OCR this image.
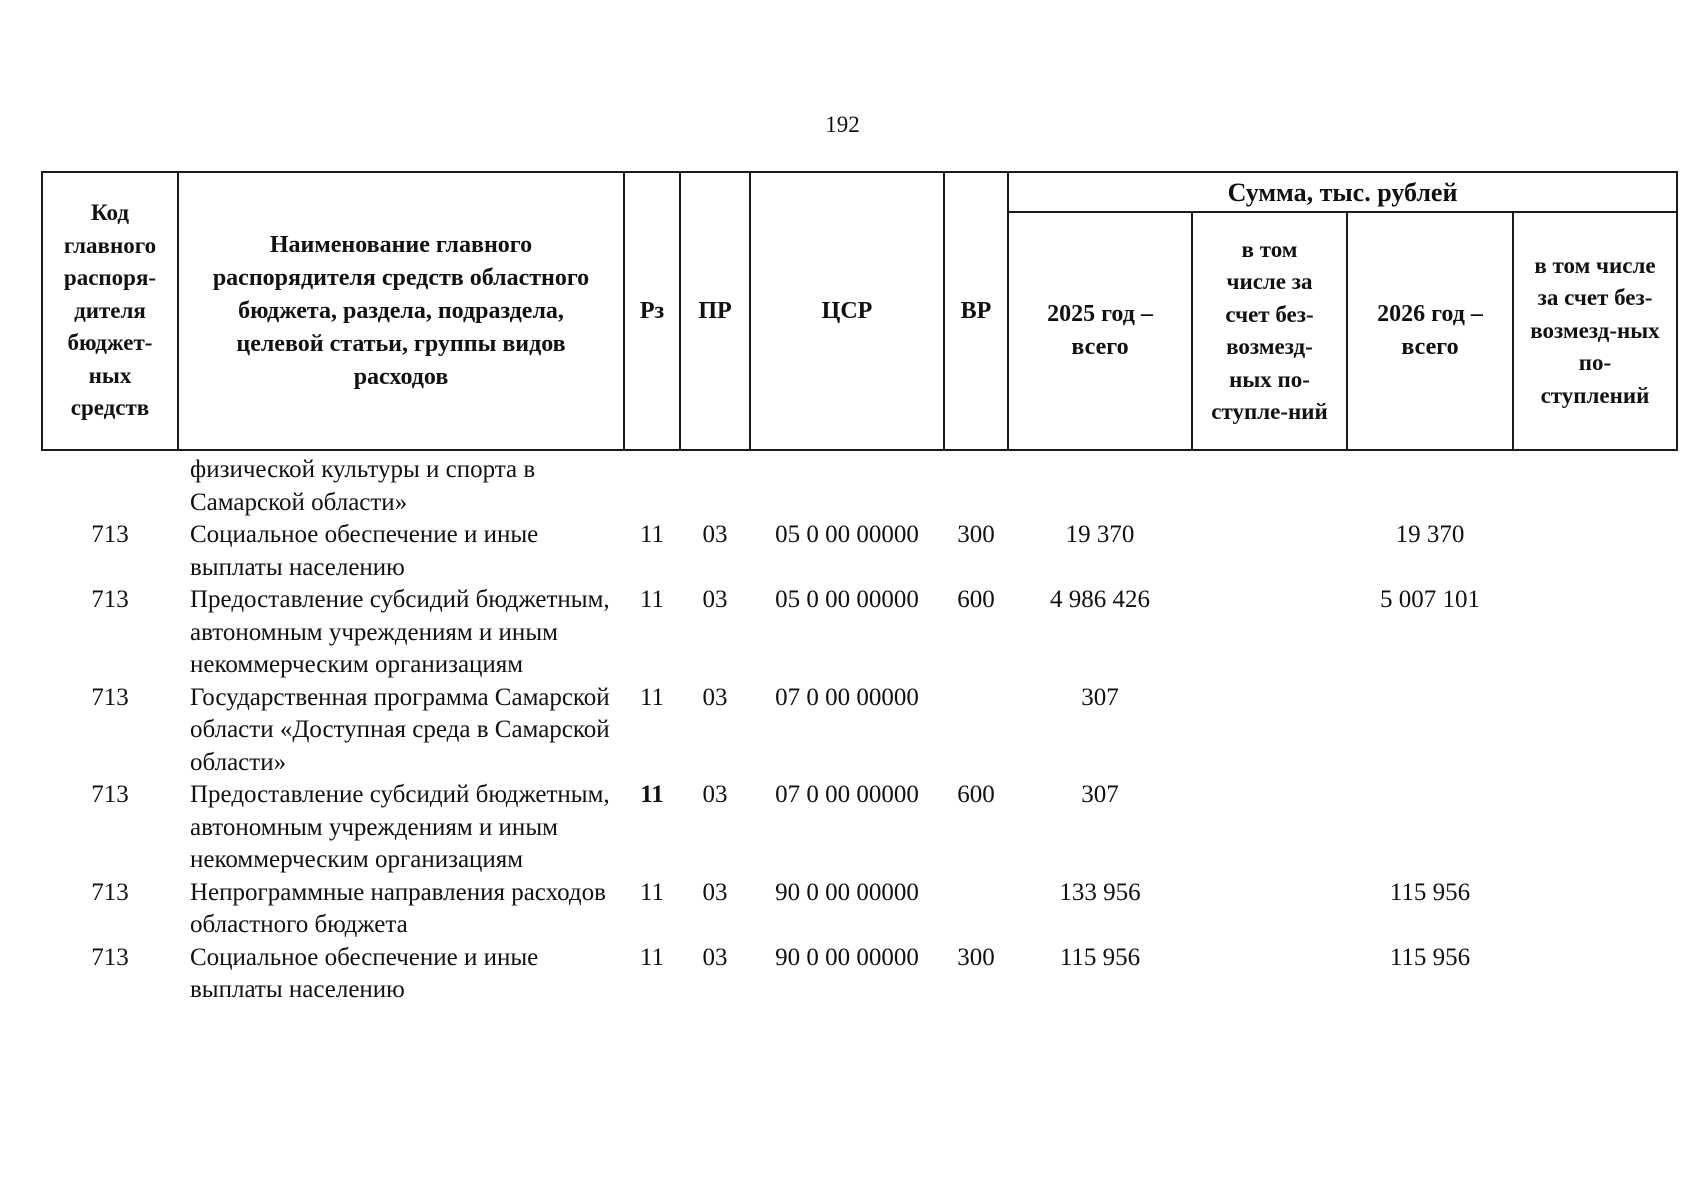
192
Код главного распоря-дителя бюджет-ных средств	Наименование главного распорядителя средств областного бюджета, раздела, подраздела, целевой статьи, группы видов расходов	Рз	ПР	ЦСР	ВР	Сумма, тыс. рублей			
						2025 год – всего	в том числе за счет без-возмезд-ных по-ступле-ний	2026 год – всего	в том числе за счет без-возмезд-ных по-ступлений
	физической культуры и спорта в Самарской области»								
713	Социальное обеспечение и иные выплаты населению	11	03	05 0 00 00000	300	19 370		19 370	
713	Предоставление субсидий бюджетным, автономным учреждениям и иным некоммерческим организациям	11	03	05 0 00 00000	600	4 986 426		5 007 101	
713	Государственная программа Самарской области «Доступная среда в Самарской области»	11	03	07 0 00 00000		307			
713	Предоставление субсидий бюджетным, автономным учреждениям и иным некоммерческим организациям	11	03	07 0 00 00000	600	307			
713	Непрограммные направления расходов областного бюджета	11	03	90 0 00 00000		133 956		115 956	
713	Социальное обеспечение и иные выплаты населению	11	03	90 0 00 00000	300	115 956		115 956	
